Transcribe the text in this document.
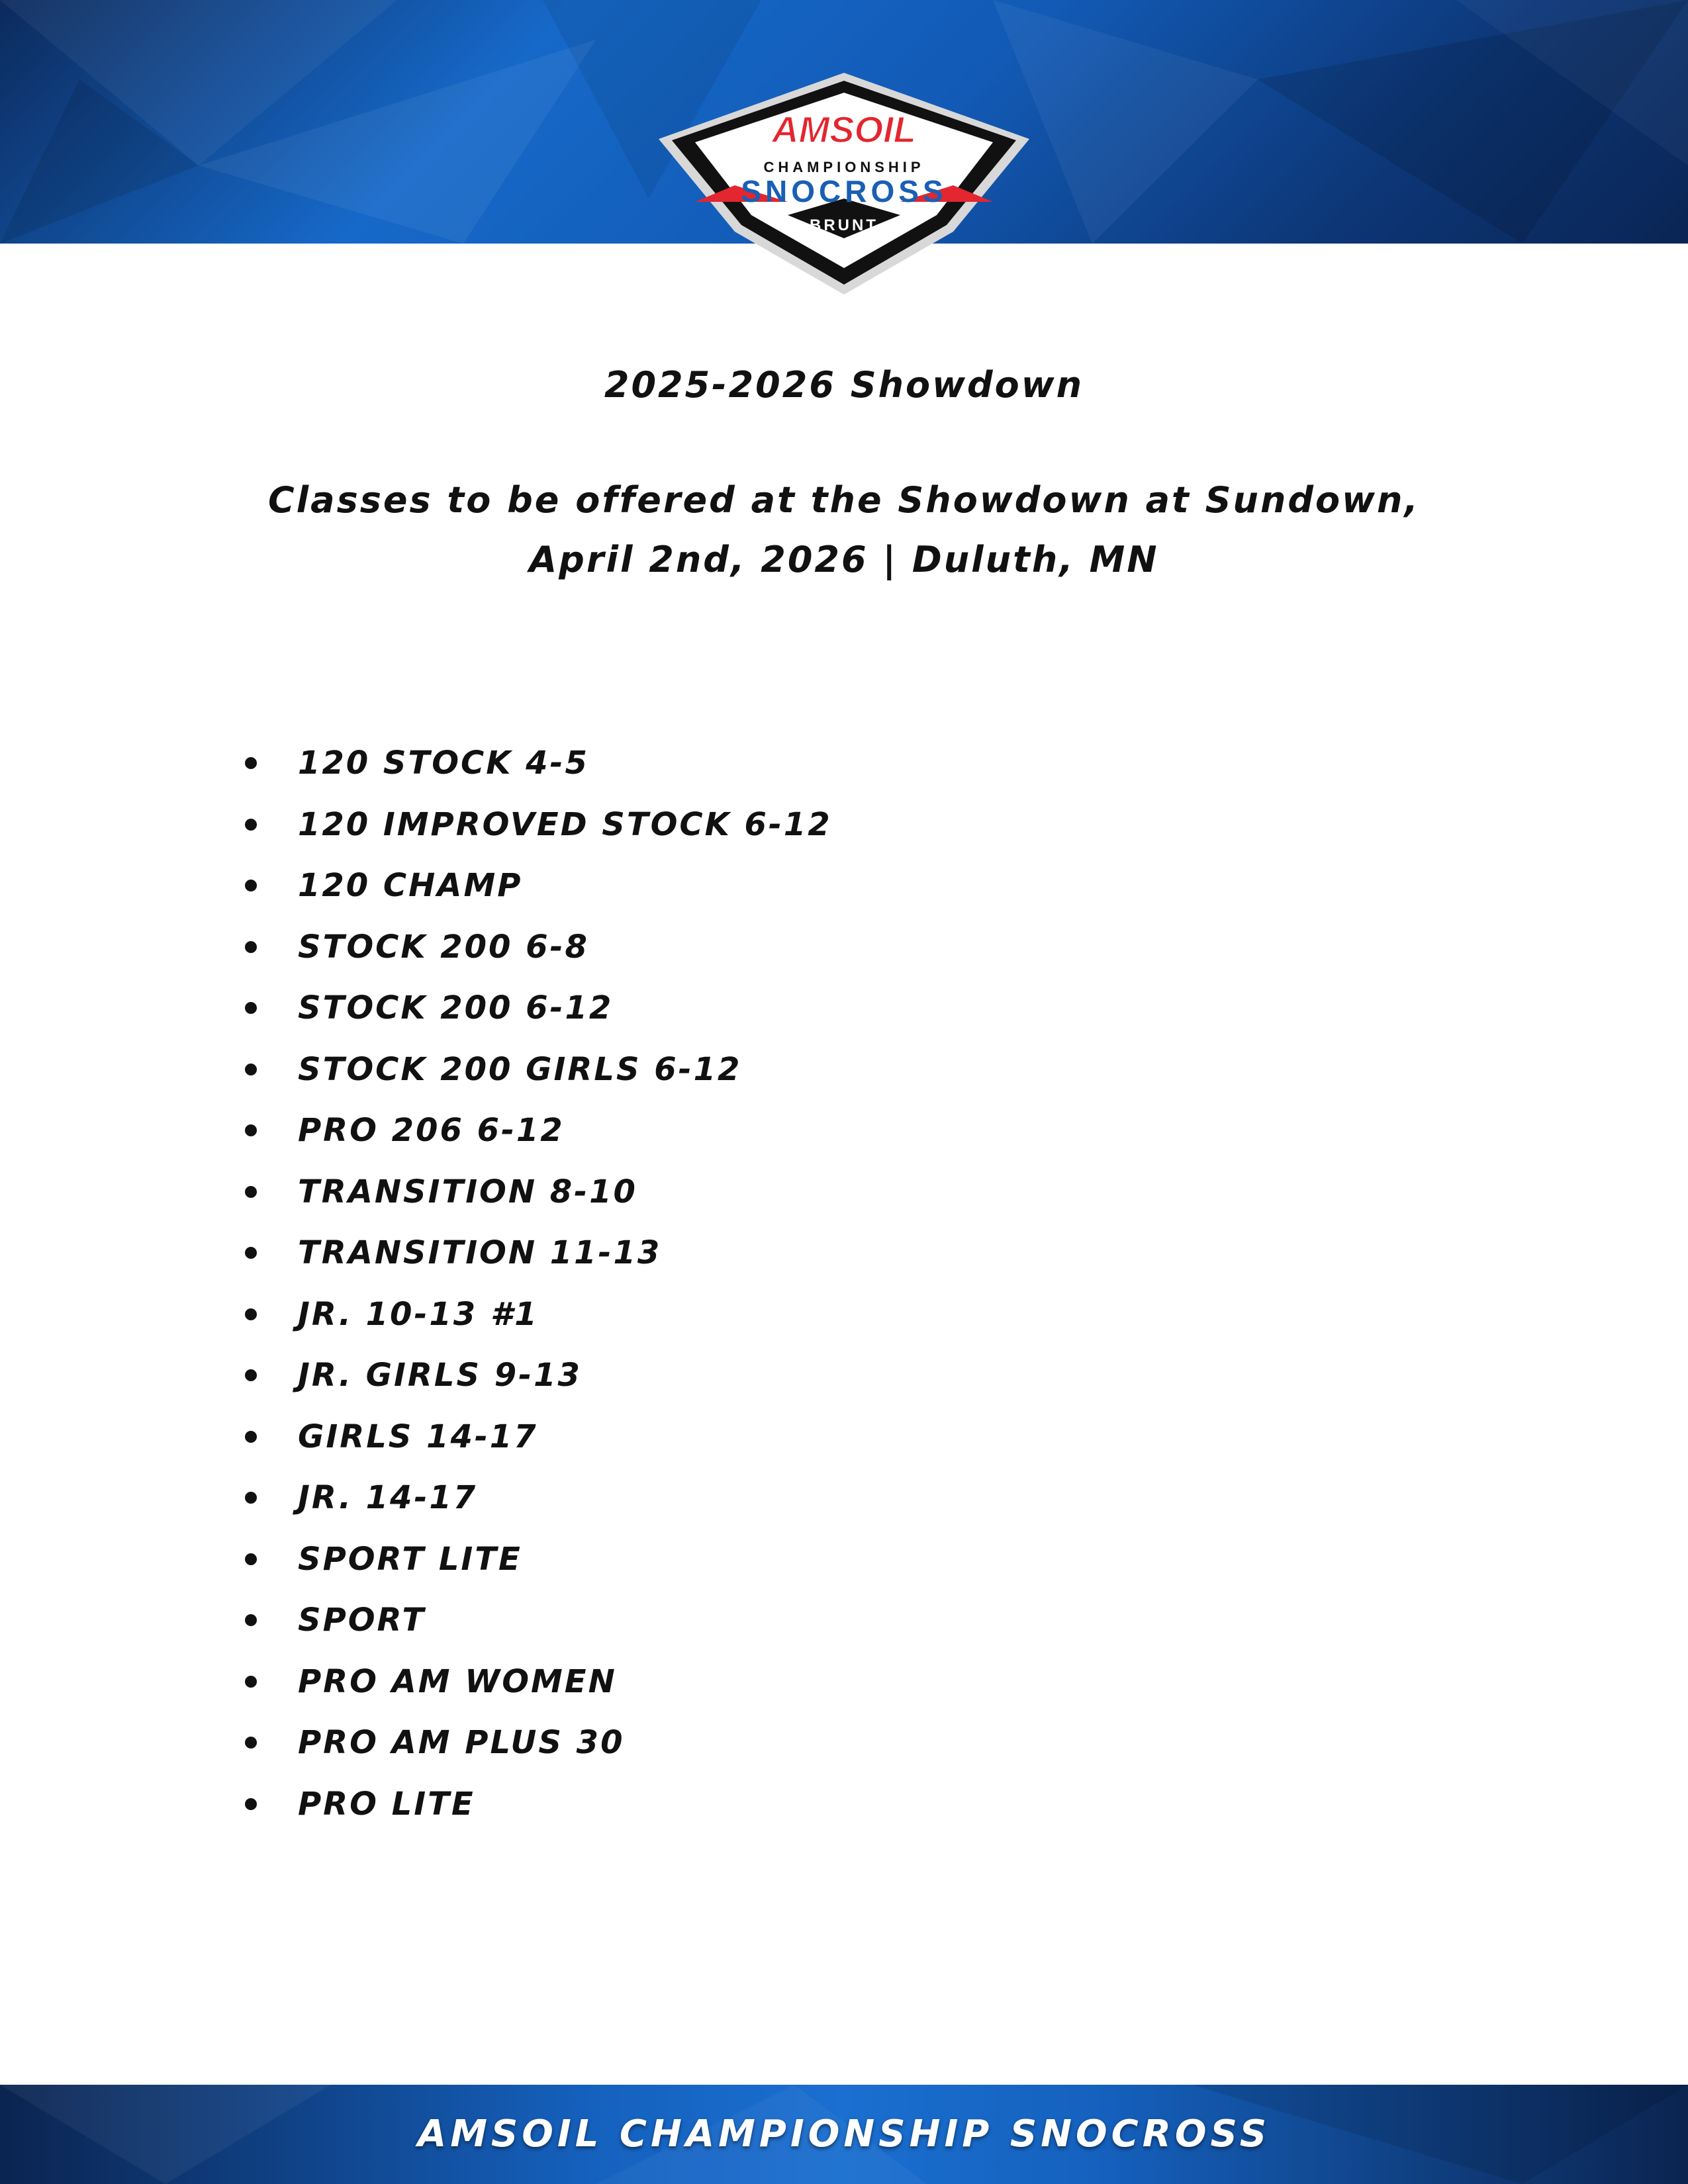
AMSOIL
CHAMPIONSHIP
SNOCROSS
BRUNT
2025-2026 Showdown
Classes to be offered at the Showdown at Sundown,
April 2nd, 2026 | Duluth, MN
120 STOCK 4-5
120 IMPROVED STOCK 6-12
120 CHAMP
STOCK 200 6-8
STOCK 200 6-12
STOCK 200 GIRLS 6-12
PRO 206 6-12
TRANSITION 8-10
TRANSITION 11-13
JR. 10-13 #1
JR. GIRLS 9-13
GIRLS 14-17
JR. 14-17
SPORT LITE
SPORT
PRO AM WOMEN
PRO AM PLUS 30
PRO LITE
AMSOIL CHAMPIONSHIP SNOCROSS
